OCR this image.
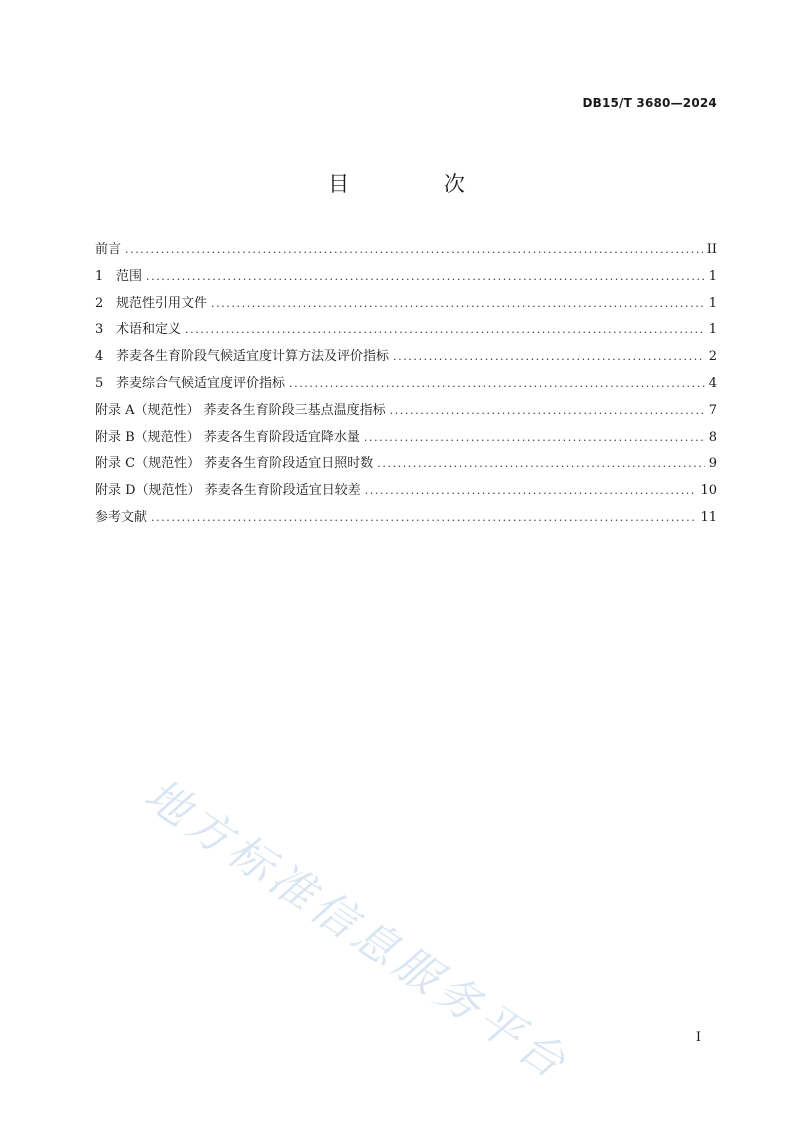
DB15/T 3680—2024
目 次
前言 .....	II
1 范围 .....	1
2 规范性引用文件 .....	1
3 术语和定义 .....	1
4 荞麦各生育阶段气候适宜度计算方法及评价指标 .....	2
5 荞麦综合气候适宜度评价指标 .....	4
附录 A（规范性） 荞麦各生育阶段三基点温度指标 .....	7
附录 B（规范性） 荞麦各生育阶段适宜降水量 .....	8
附录 C（规范性） 荞麦各生育阶段适宜日照时数 .....	9
附录 D（规范性） 荞麦各生育阶段适宜日较差 .....	10
参考文献 .....	11
地方标准信息服务平台	I
